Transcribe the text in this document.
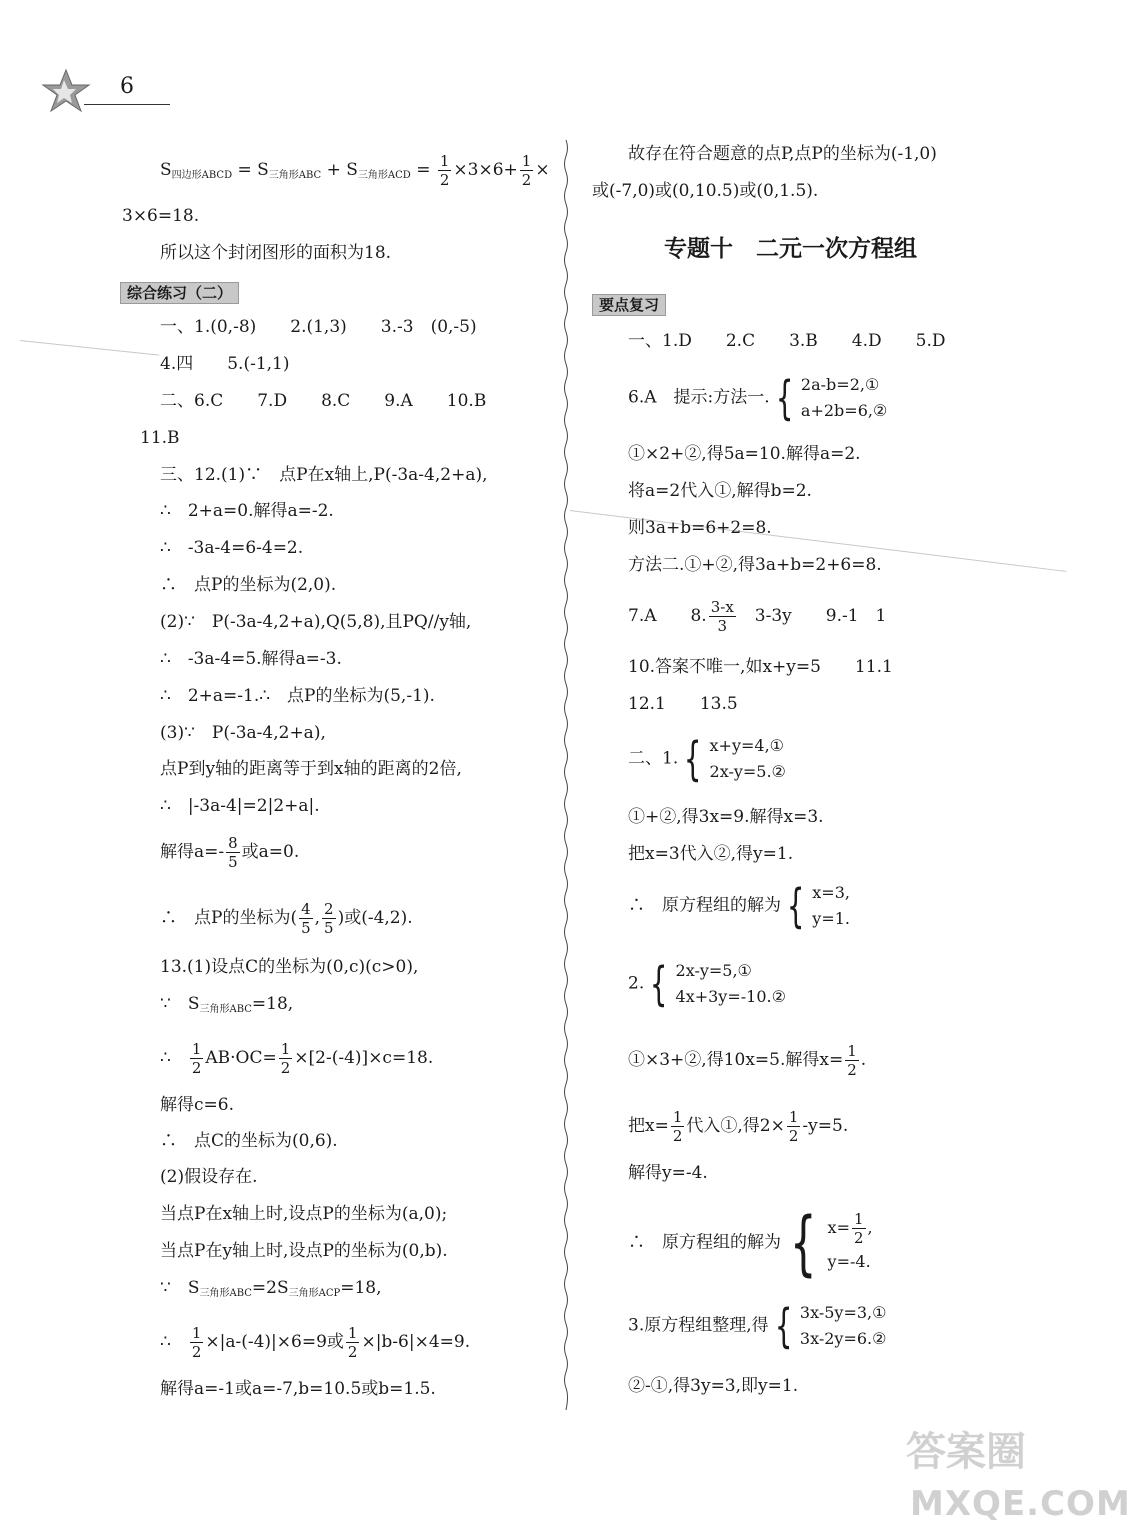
6
$S_{四边形ABCD} = S_{三角形ABC} + S_{三角形ACD} = \frac{1}{2} \times 3\times 6+ \frac{1}{2}$ ×
3×6=18.
所以这个封闭图形的面积为18.
综合练习（二）
一、1.(0,-8)　　2.(1,3)　　3.-3　(0,-5)
4.四　　5.(-1,1)
二、6.C　　7.D　　8.C　　9.A　　10.B
11.B
三、12.(1)∵　点P在x轴上,P(-3a-4,2+a),
∴　2+a=0.解得a=-2.
∴　-3a-4=6-4=2.
∴　点P的坐标为(2,0).
(2)∵　P(-3a-4,2+a),Q(5,8),且PQ//y轴,
∴　-3a-4=5.解得a=-3.
∴　2+a=-1.∴　点P的坐标为(5,-1).
(3)∵　P(-3a-4,2+a),
点P到y轴的距离等于到x轴的距离的2倍,
∴　|-3a-4|=2|2+a|.
解得$a=- \frac{8}{5}$ 或a=0.
∴　点P的坐标为( $\frac{4}{5}$ , $\frac{2}{5}$ )或(-4,2).
13.(1)设点C的坐标为(0,c)(c>0),
∵　$S_{三角形ABC}=18$,
∴　 $\frac{1}{2} AB\cdot OC= \frac{1}{2} \times[2-(-4)]\times c=18$.
解得c=6.
∴　点C的坐标为(0,6).
(2)假设存在.
当点P在x轴上时,设点P的坐标为(a,0);
当点P在y轴上时,设点P的坐标为(0,b).
∵　$S_{三角形ABC}=2S_{三角形ACP}=18$,
∴　 $\frac{1}{2} \times|a-(-4)|\times 6=9$或 $\frac{1}{2} \times|b-6|\times 4=9$.
解得a=-1或a=-7,b=10.5或b=1.5.
故存在符合题意的点P,点P的坐标为(-1,0)
或(-7,0)或(0,10.5)或(0,1.5).
专题十　二元一次方程组
要点复习
一、1.D　　2.C　　3.B　　4.D　　5.D
6.A　提示:方法一. { 2a-b=2,①
a+2b=6,②
①×2+②,得5a=10.解得a=2.
将a=2代入①,解得b=2.
则3a+b=6+2=8.
方法二.①+②,得3a+b=2+6=8.
7.A　　8. $\frac{3-x}{3}$ 　3-3y　　9.-1　1
10.答案不唯一,如x+y=5　　11.1
12.1　　13.5
二、1. { x+y=4,①
2x-y=5.②
①+②,得3x=9.解得x=3.
把x=3代入②,得y=1.
∴　原方程组的解为 { x=3,
y=1.
2. { 2x-y=5,①
4x+3y=-10.②
①×3+②,得10x=5.解得$x= \frac{1}{2}$ .
把$x= \frac{1}{2}$ 代入①,得$2\times \frac{1}{2} -y=5$.
解得y=-4.
∴　原方程组的解为 { $x= \frac{1}{2}$ ,
y=-4.
3.原方程组整理,得 { 3x-5y=3,①
3x-2y=6.②
②-①,得3y=3,即y=1.
答案圈
MXQE.COM
